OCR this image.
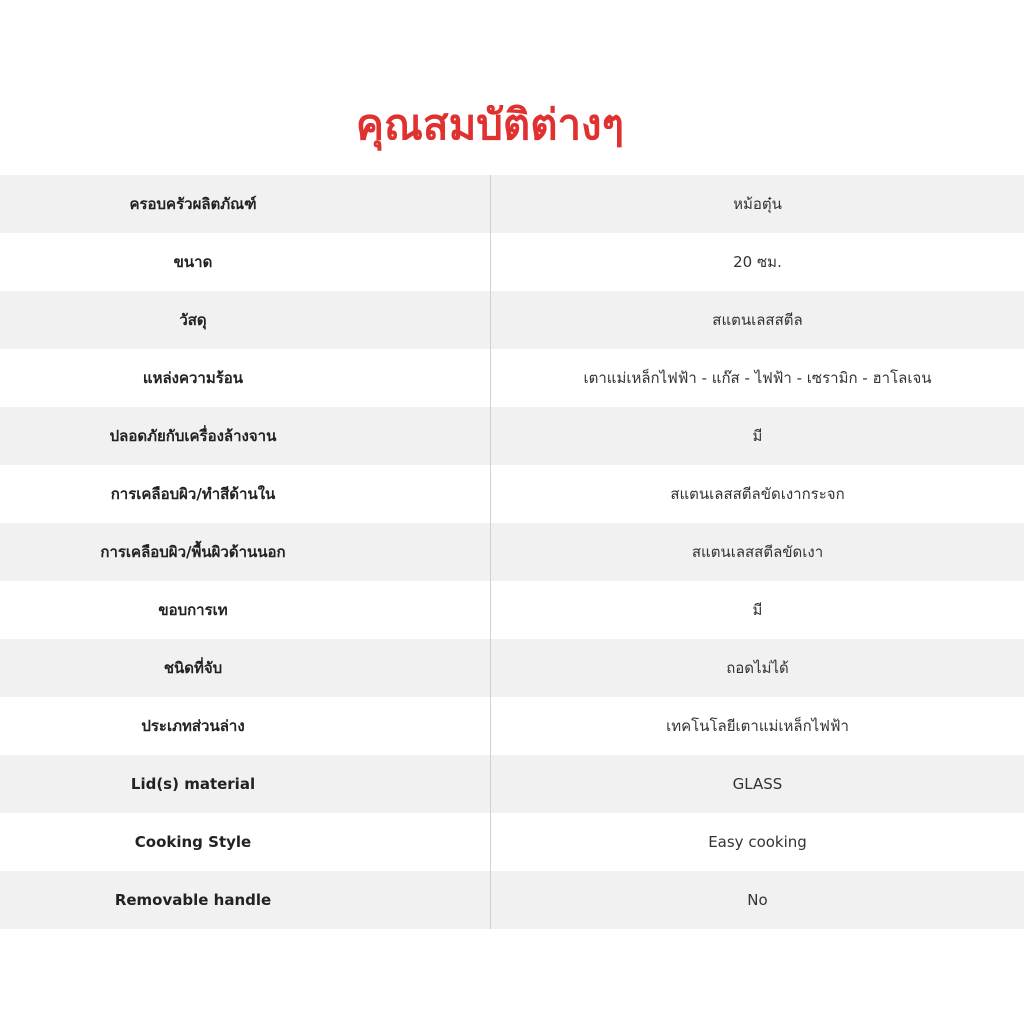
คุณสมบัติต่างๆ
ครอบครัวผลิตภัณฑ์	หม้อตุ๋น
ขนาด	20 ซม.
วัสดุ	สแตนเลสสตีล
แหล่งความร้อน	เตาแม่เหล็กไฟฟ้า - แก๊ส - ไฟฟ้า - เซรามิก - ฮาโลเจน
ปลอดภัยกับเครื่องล้างจาน	มี
การเคลือบผิว/ทำสีด้านใน	สแตนเลสสตีลขัดเงากระจก
การเคลือบผิว/พื้นผิวด้านนอก	สแตนเลสสตีลขัดเงา
ขอบการเท	มี
ชนิดที่จับ	ถอดไม่ได้
ประเภทส่วนล่าง	เทคโนโลยีเตาแม่เหล็กไฟฟ้า
Lid(s) material	GLASS
Cooking Style	Easy cooking
Removable handle	No
